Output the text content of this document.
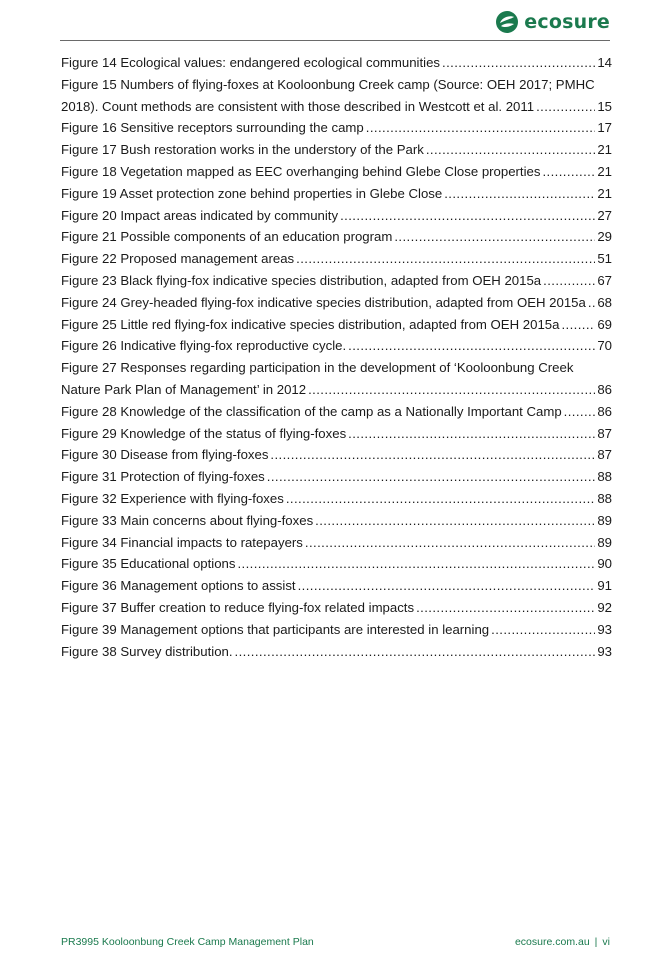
ecosure
Figure 14 Ecological values: endangered ecological communities .....	14
Figure 15 Numbers of flying-foxes at Kooloonbung Creek camp (Source: OEH 2017; PMHC
2018). Count methods are consistent with those described in Westcott et al. 2011 .....	15
Figure 16 Sensitive receptors surrounding the camp .....	17
Figure 17 Bush restoration works in the understory of the Park .....	21
Figure 18 Vegetation mapped as EEC overhanging behind Glebe Close properties .....	21
Figure 19 Asset protection zone behind properties in Glebe Close .....	21
Figure 20 Impact areas indicated by community .....	27
Figure 21 Possible components of an education program .....	29
Figure 22 Proposed management areas .....	51
Figure 23 Black flying-fox indicative species distribution, adapted from OEH 2015a .....	67
Figure 24 Grey-headed flying-fox indicative species distribution, adapted from OEH 2015a ..... 68
Figure 25 Little red flying-fox indicative species distribution, adapted from OEH 2015a .....	69
Figure 26 Indicative flying-fox reproductive cycle. .....	70
Figure 27 Responses regarding participation in the development of ‘Kooloonbung Creek
Nature Park Plan of Management’ in 2012 .....	86
Figure 28 Knowledge of the classification of the camp as a Nationally Important Camp .....	86
Figure 29 Knowledge of the status of flying-foxes .....	87
Figure 30 Disease from flying-foxes .....	87
Figure 31 Protection of flying-foxes .....	88
Figure 32 Experience with flying-foxes .....	88
Figure 33 Main concerns about flying-foxes .....	89
Figure 34 Financial impacts to ratepayers .....	89
Figure 35 Educational options .....	90
Figure 36 Management options to assist .....	91
Figure 37 Buffer creation to reduce flying-fox related impacts .....	92
Figure 39 Management options that participants are interested in learning .....	93
Figure 38 Survey distribution. .....	93
PR3995 Kooloonbung Creek Camp Management Plan	ecosure.com.au | vi
